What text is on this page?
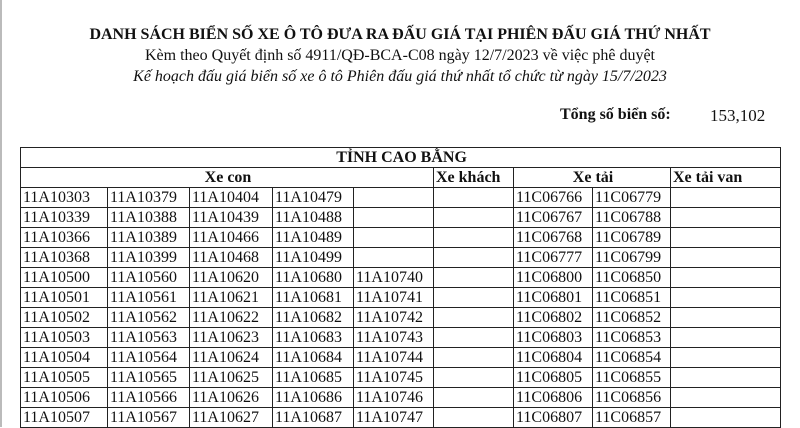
DANH SÁCH BIỂN SỐ XE Ô TÔ ĐƯA RA ĐẤU GIÁ TẠI PHIÊN ĐẤU GIÁ THỨ NHẤT
Kèm theo Quyết định số 4911/QĐ-BCA-C08 ngày 12/7/2023 về việc phê duyệt
Kế hoạch đấu giá biển số xe ô tô Phiên đấu giá thứ nhất tổ chức từ ngày 15/7/2023
Tổng số biển số: 153,102
TỈNH CAO BẰNG								
Xe con					Xe khách	Xe tải		Xe tải van
11A10303	11A10379	11A10404	11A10479			11C06766	11C06779	
11A10339	11A10388	11A10439	11A10488			11C06767	11C06788	
11A10366	11A10389	11A10466	11A10489			11C06768	11C06789	
11A10368	11A10399	11A10468	11A10499			11C06777	11C06799	
11A10500	11A10560	11A10620	11A10680	11A10740		11C06800	11C06850	
11A10501	11A10561	11A10621	11A10681	11A10741		11C06801	11C06851	
11A10502	11A10562	11A10622	11A10682	11A10742		11C06802	11C06852	
11A10503	11A10563	11A10623	11A10683	11A10743		11C06803	11C06853	
11A10504	11A10564	11A10624	11A10684	11A10744		11C06804	11C06854	
11A10505	11A10565	11A10625	11A10685	11A10745		11C06805	11C06855	
11A10506	11A10566	11A10626	11A10686	11A10746		11C06806	11C06856	
11A10507	11A10567	11A10627	11A10687	11A10747		11C06807	11C06857	
